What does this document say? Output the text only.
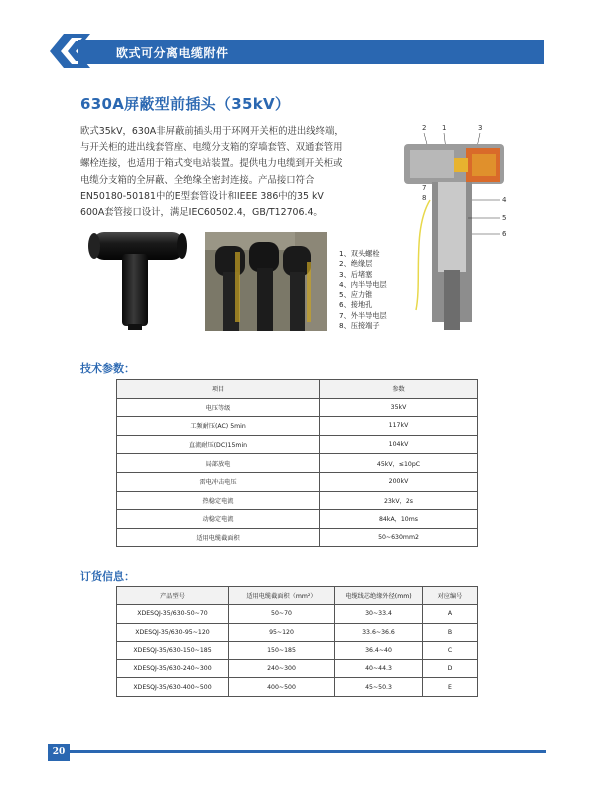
欧式可分离电缆附件
630A屏蔽型前插头（35kV）
欧式35kV，630A非屏蔽前插头用于环网开关柜的进出线终端，
与开关柜的进出线套管座、电缆分支箱的穿墙套管、双通套管用
螺栓连接，也适用于箱式变电站装置。提供电力电缆到开关柜或
电缆分支箱的全屏蔽、全绝缘全密封连接。产品接口符合
EN50180-50181中的E型套管设计和IEEE 386中的35 kV
600A套管接口设计，满足IEC60502.4，GB/T12706.4。
2 1	3
7
8	4
5
6
1、双头螺栓
2、绝缘层
3、后堵塞
4、内半导电层
5、应力锥
6、接地孔
7、外半导电层
8、压接端子
技术参数：
项目	参数
电压等级	35kV
工频耐压(AC) 5min	117kV
直流耐压(DC)15min	104kV
局部放电	45kV，≤10pC
雷电冲击电压	200kV
热稳定电流	23kV，2s
动稳定电流	84kA，10ms
适用电缆截面积	50~630mm2
订货信息：
产品型号	适用电缆截面积（mm²）	电缆线芯绝缘外径(mm)	对应编号
XDESQJ-35/630-50~70	50~70	30~33.4	A
XDESQJ-35/630-95~120	95~120	33.6~36.6	B
XDESQJ-35/630-150~185	150~185	36.4~40	C
XDESQJ-35/630-240~300	240~300	40~44.3	D
XDESQJ-35/630-400~500	400~500	45~50.3	E
20
